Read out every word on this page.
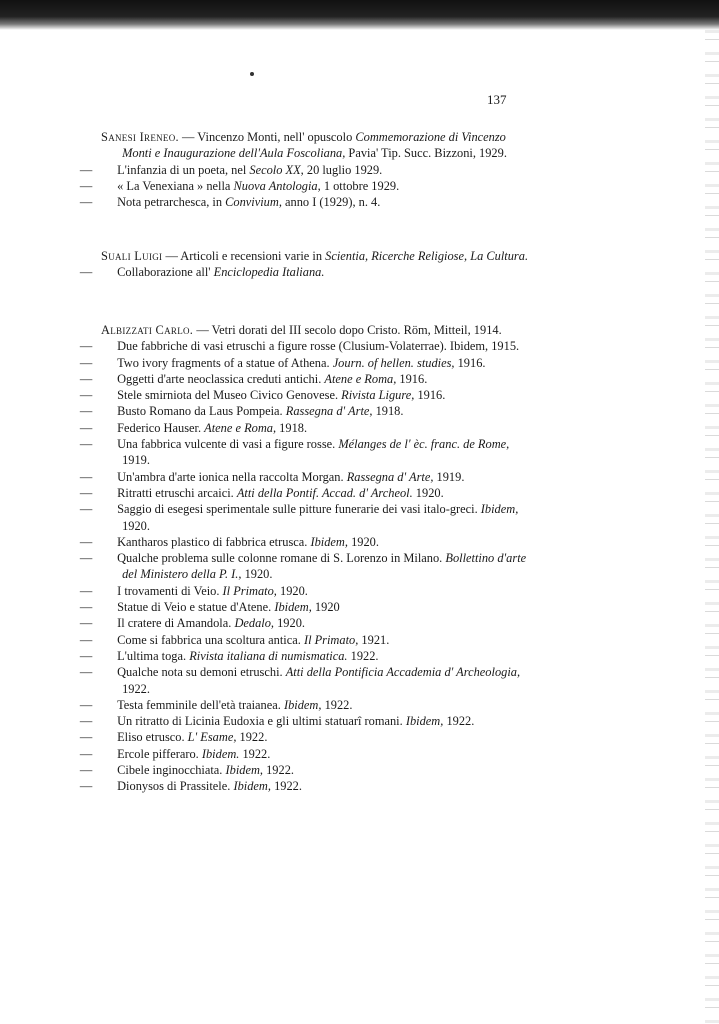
137

Sanesi Ireneo. — Vincenzo Monti, nell' opuscolo Commemorazione di Vincenzo Monti e Inaugurazione dell'Aula Foscoliana, Pavia' Tip. Succ. Bizzoni, 1929.

— L'infanzia di un poeta, nel Secolo XX, 20 luglio 1929.

— « La Venexiana » nella Nuova Antologia, 1 ottobre 1929.

— Nota petrarchesca, in Convivium, anno I (1929), n. 4.

Suali Luigi — Articoli e recensioni varie in Scientia, Ricerche Religiose, La Cultura.

— Collaborazione all' Enciclopedia Italiana.

Albizzati Carlo. — Vetri dorati del III secolo dopo Cristo. Röm, Mitteil, 1914.

— Due fabbriche di vasi etruschi a figure rosse (Clusium-Volaterrae). Ibidem, 1915.

— Two ivory fragments of a statue of Athena. Journ. of hellen. studies, 1916.

— Oggetti d'arte neoclassica creduti antichi. Atene e Roma, 1916.

— Stele smirniota del Museo Civico Genovese. Rivista Ligure, 1916.

— Busto Romano da Laus Pompeia. Rassegna d' Arte, 1918.

— Federico Hauser. Atene e Roma, 1918.

— Una fabbrica vulcente di vasi a figure rosse. Mélanges de l' èc. franc. de Rome, 1919.

— Un'ambra d'arte ionica nella raccolta Morgan. Rassegna d' Arte, 1919.

— Ritratti etruschi arcaici. Atti della Pontif. Accad. d' Archeol. 1920.

— Saggio di esegesi sperimentale sulle pitture funerarie dei vasi italo-greci. Ibidem, 1920.

— Kantharos plastico di fabbrica etrusca. Ibidem, 1920.

— Qualche problema sulle colonne romane di S. Lorenzo in Milano. Bollettino d'arte del Ministero della P. I., 1920.

— I trovamenti di Veio. Il Primato, 1920.

— Statue di Veio e statue d'Atene. Ibidem, 1920

— Il cratere di Amandola. Dedalo, 1920.

— Come si fabbrica una scoltura antica. Il Primato, 1921.

— L'ultima toga. Rivista italiana di numismatica. 1922.

— Qualche nota su demoni etruschi. Atti della Pontificia Accademia d' Archeologia, 1922.

— Testa femminile dell'età traianea. Ibidem, 1922.

— Un ritratto di Licinia Eudoxia e gli ultimi statuarî romani. Ibidem, 1922.

— Eliso etrusco. L' Esame, 1922.

— Ercole pifferaro. Ibidem. 1922.

— Cibele inginocchiata. Ibidem, 1922.

— Dionysos di Prassitele. Ibidem, 1922.
